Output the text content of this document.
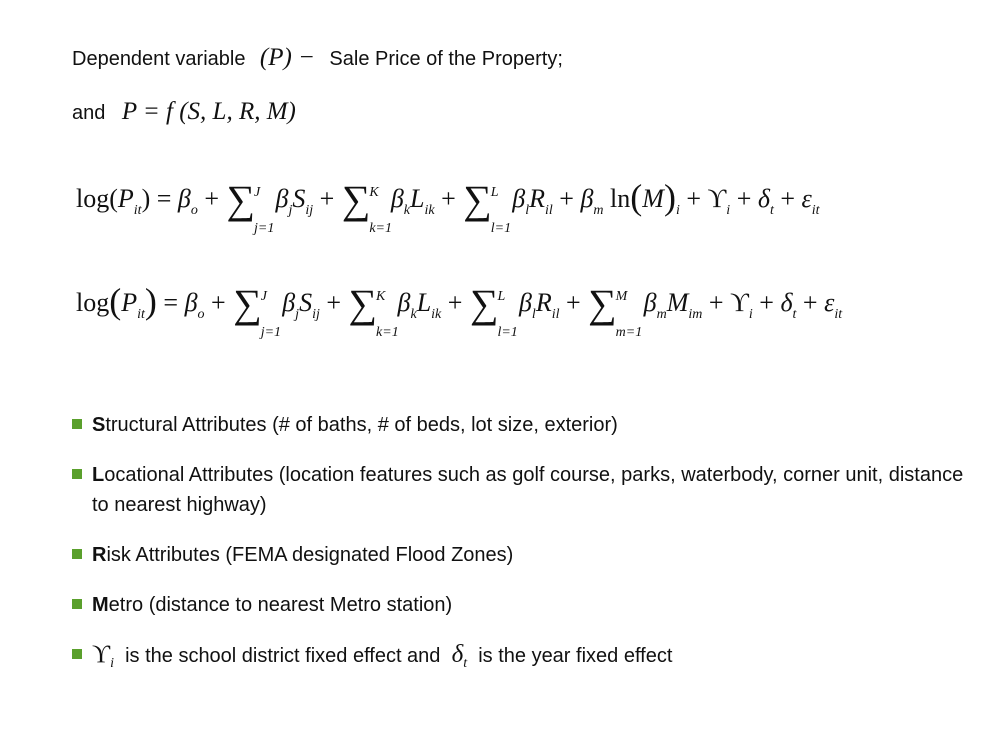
Dependent variable (P) − Sale Price of the Property;
and P = f (S, L, R, M)
$\log(P_{it}) = \beta_o$ + ∑ J
j=1
$\beta_jS_{ij}$ + ∑ K
k=1
$\beta_kL_{ik}$ + ∑ L
l=1
$\beta_lR_{il} + \beta_m$ $\ln(M)_i + ϒ_i + \delta_t + \varepsilon_{it}$
$\log(P_{it}) = \beta_o$ + ∑ J
j=1
$\beta_jS_{ij}$ + ∑ K
k=1
$\beta_kL_{ik}$ + ∑ L
l=1
$\beta_lR_{il}$ + ∑ M
m=1
$\beta_mM_{im} + ϒ_i + \delta_t + \varepsilon_{it}$
Structural Attributes (# of baths, # of beds, lot size, exterior)
Locational Attributes (location features such as golf course, parks, waterbody, corner unit, distance to nearest highway)
Risk Attributes (FEMA designated Flood Zones)
Metro (distance to nearest Metro station)
$ϒ_i$ is the school district fixed effect and $\delta_t$ is the year fixed effect
